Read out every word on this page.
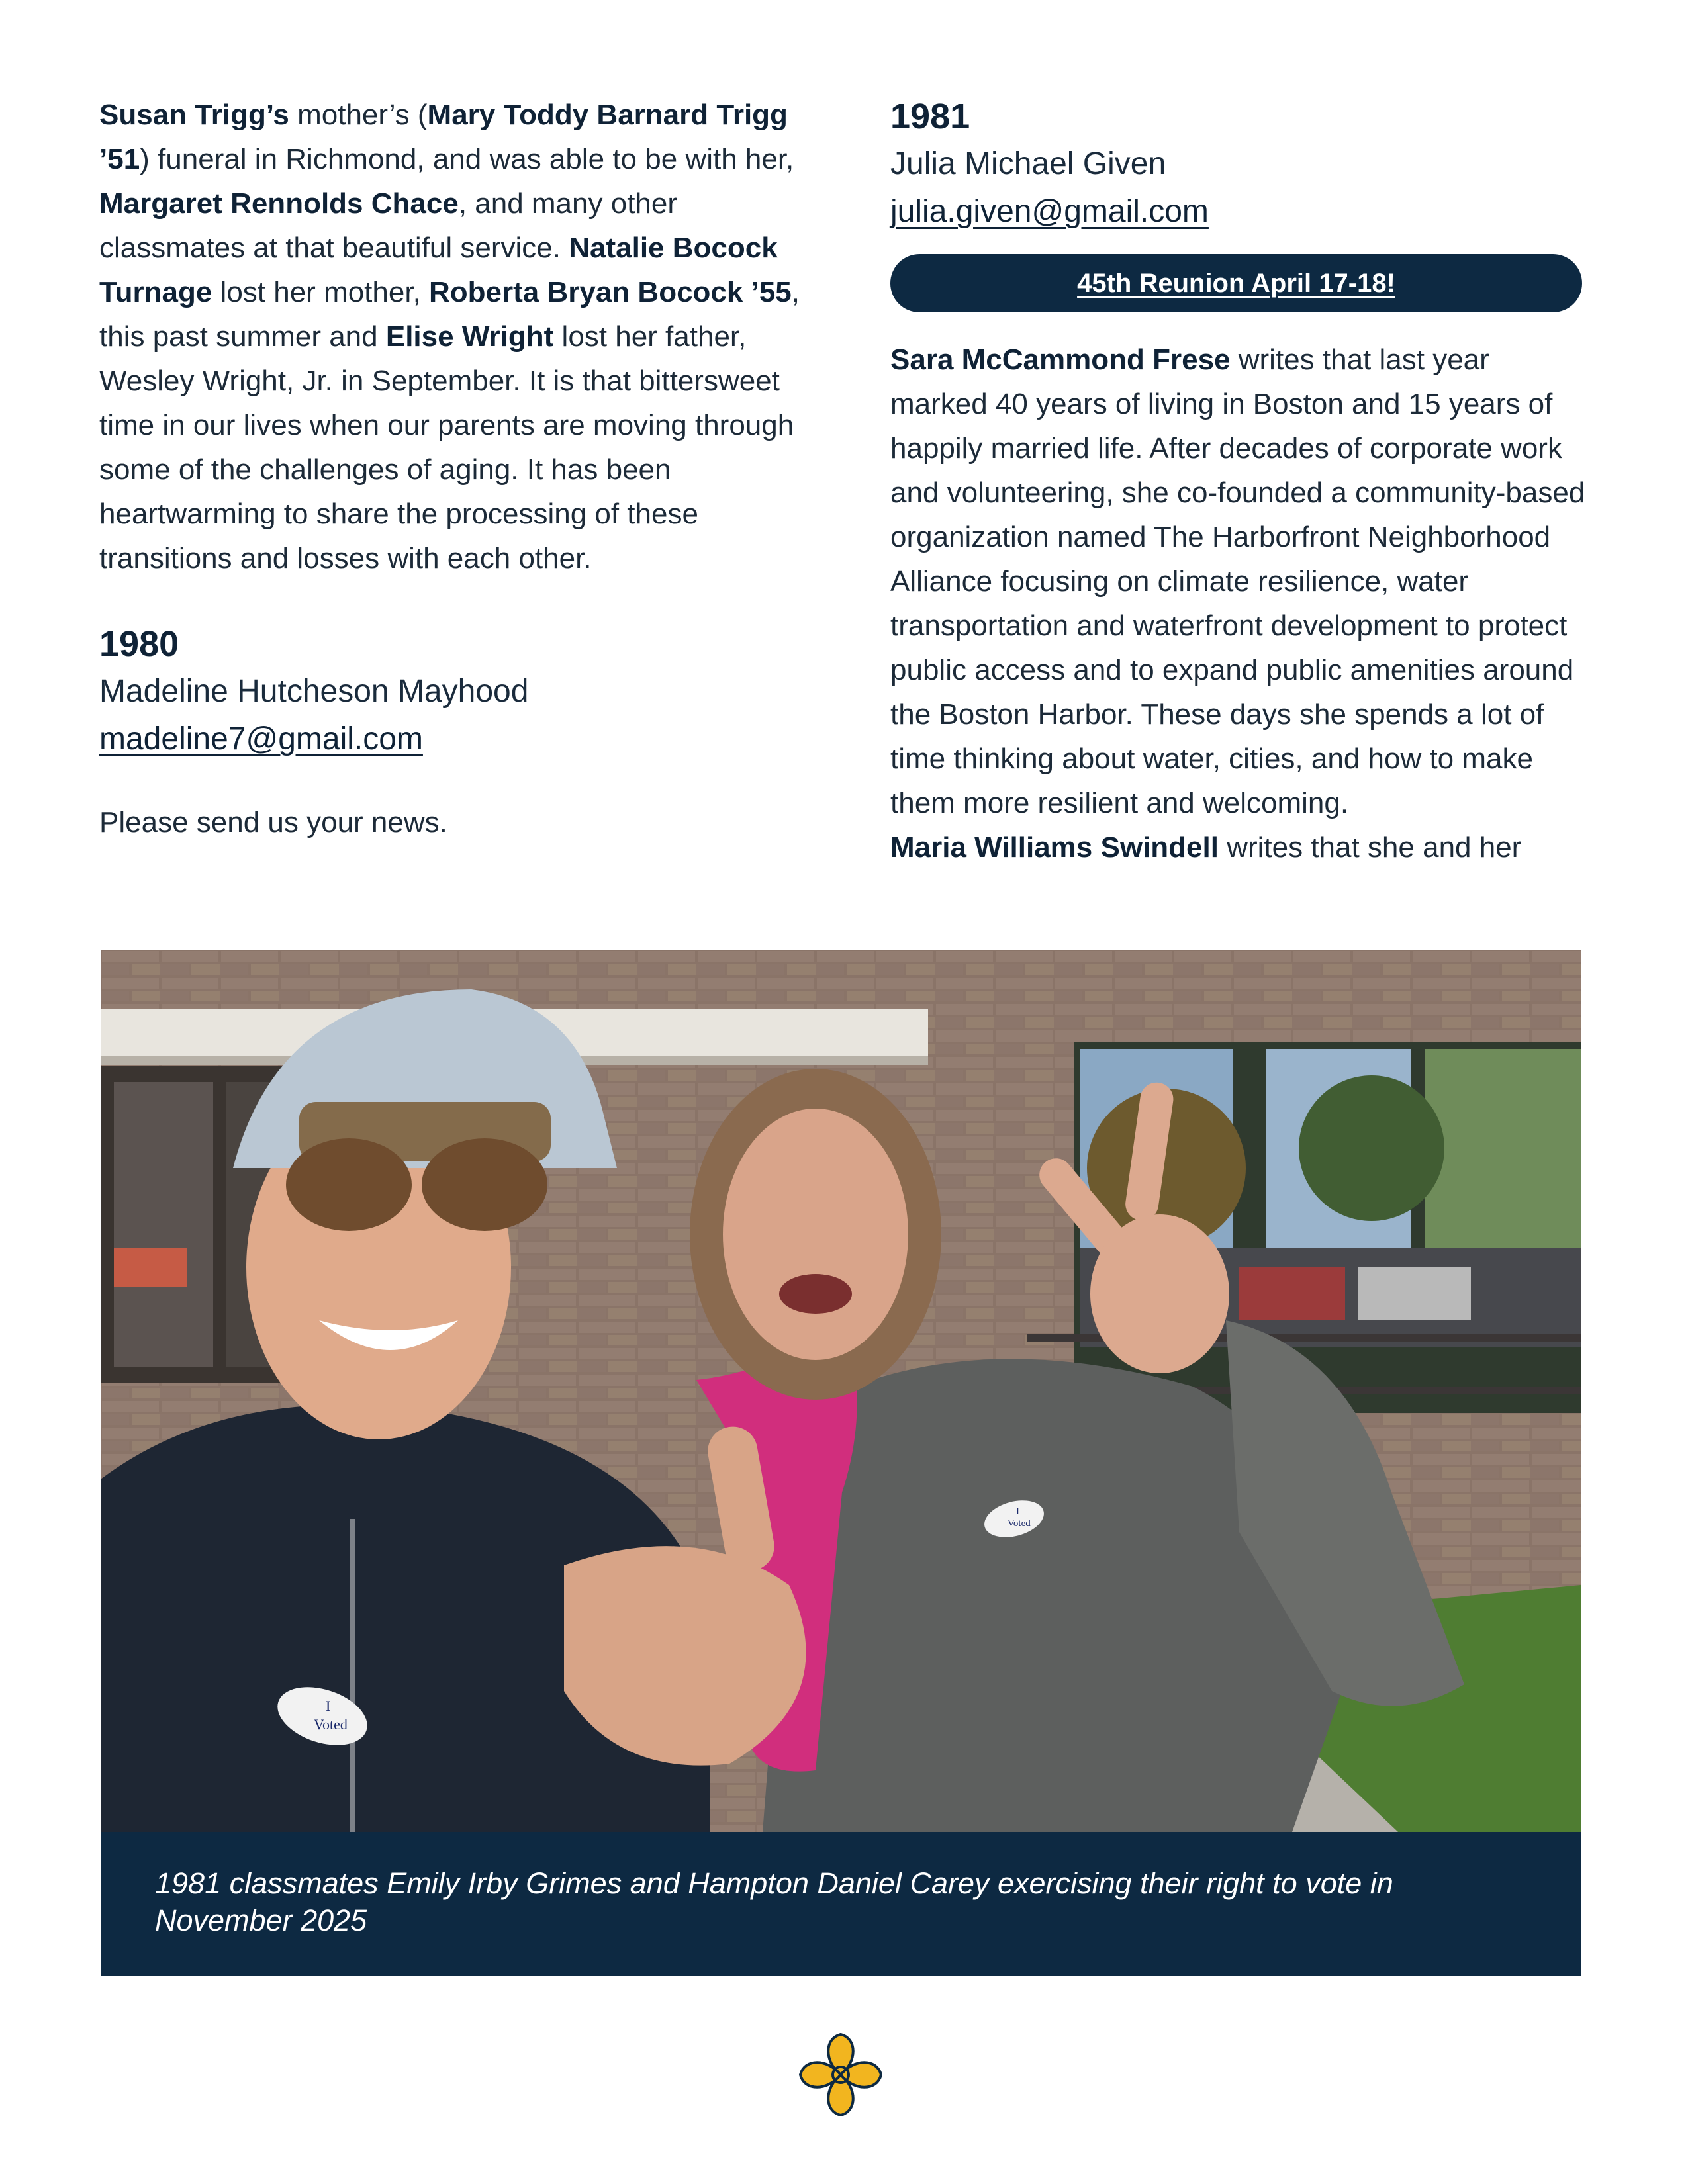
Susan Trigg’s mother’s (Mary Toddy Barnard Trigg ’51) funeral in Richmond, and was able to be with her, Margaret Rennolds Chace, and many other classmates at that beautiful service. Natalie Bocock Turnage lost her mother, Roberta Bryan Bocock ’55, this past summer and Elise Wright lost her father, Wesley Wright, Jr. in September. It is that bittersweet time in our lives when our parents are moving through some of the challenges of aging. It has been heartwarming to share the processing of these transitions and losses with each other.

1980

Madeline Hutcheson Mayhood

madeline7@gmail.com

Please send us your news.

1981

Julia Michael Given

julia.given@gmail.com

45th Reunion April 17-18!

Sara McCammond Frese writes that last year marked 40 years of living in Boston and 15 years of happily married life. After decades of corporate work and volunteering, she co-founded a community-based organization named The Harborfront Neighborhood Alliance focusing on climate resilience, water transportation and waterfront development to protect public access and to expand public amenities around the Boston Harbor. These days she spends a lot of time thinking about water, cities, and how to make them more resilient and welcoming.
Maria Williams Swindell writes that she and her

I
Voted
I
Voted
1981 classmates Emily Irby Grimes and Hampton Daniel Carey exercising their right to vote in November 2025
